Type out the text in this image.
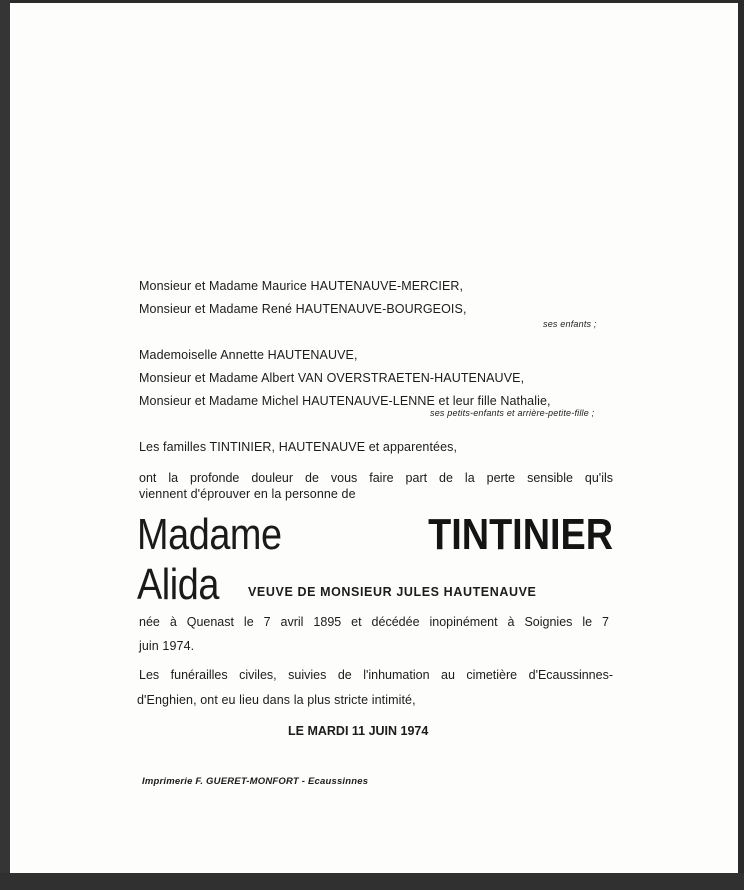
Monsieur et Madame Maurice HAUTENAUVE-MERCIER,
Monsieur et Madame René HAUTENAUVE-BOURGEOIS,
ses enfants ;
Mademoiselle Annette HAUTENAUVE,
Monsieur et Madame Albert VAN OVERSTRAETEN-HAUTENAUVE,
Monsieur et Madame Michel HAUTENAUVE-LENNE et leur fille Nathalie,
ses petits-enfants et arrière-petite-fille ;
Les familles TINTINIER, HAUTENAUVE et apparentées,
ont la profonde douleur de vous faire part de la perte sensible qu'ils
viennent d'éprouver en la personne de
Madame Alida
TINTINIER
VEUVE DE MONSIEUR JULES HAUTENAUVE
née à Quenast le 7 avril 1895 et décédée inopinément à Soignies le 7
juin 1974.
Les funérailles civiles, suivies de l'inhumation au cimetière d'Ecaussinnes-
d'Enghien, ont eu lieu dans la plus stricte intimité,
LE MARDI 11 JUIN 1974
Imprimerie F. GUERET-MONFORT - Ecaussinnes
